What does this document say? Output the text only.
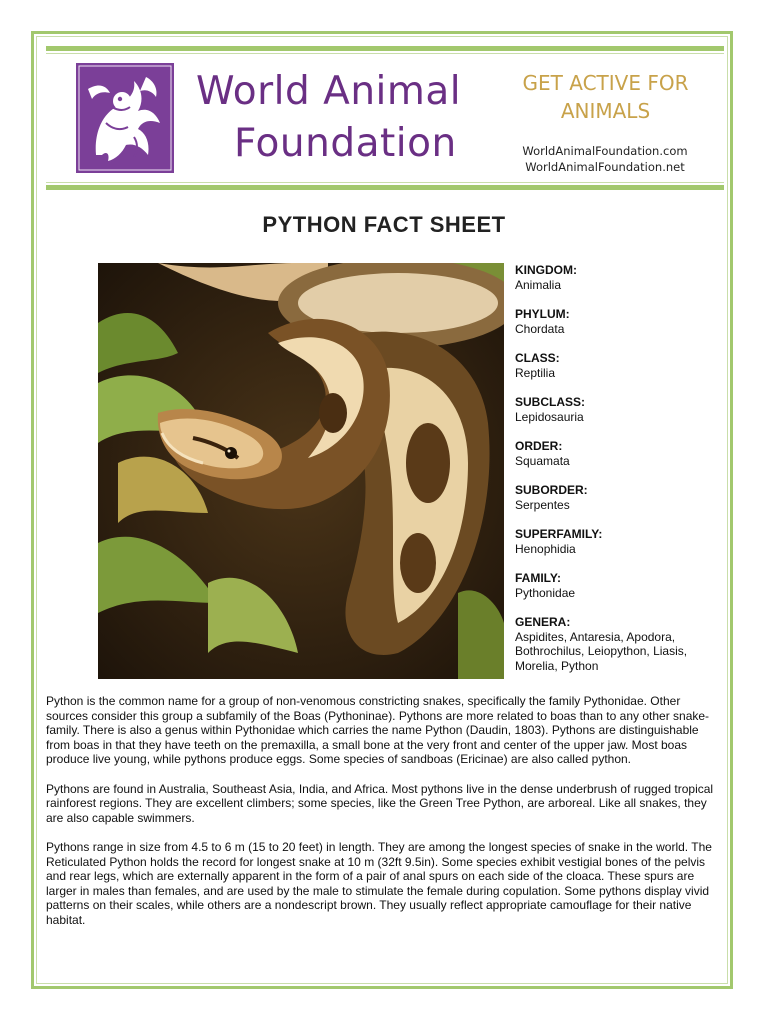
World Animal
Foundation
GET ACTIVE FOR
ANIMALS
WorldAnimalFoundation.com
WorldAnimalFoundation.net
PYTHON FACT SHEET
KINGDOM:
Animalia
PHYLUM:
Chordata
CLASS:
Reptilia
SUBCLASS:
Lepidosauria
ORDER:
Squamata
SUBORDER:
Serpentes
SUPERFAMILY:
Henophidia
FAMILY:
Pythonidae
GENERA:
Aspidites, Antaresia, Apodora, Bothrochilus, Leiopython, Liasis, Morelia, Python

Python is the common name for a group of non-venomous constricting snakes, specifically the family Pythonidae. Other sources consider this group a subfamily of the Boas (Pythoninae). Pythons are more related to boas than to any other snake-family. There is also a genus within Pythonidae which carries the name Python (Daudin, 1803). Pythons are distinguishable from boas in that they have teeth on the premaxilla, a small bone at the very front and center of the upper jaw. Most boas produce live young, while pythons produce eggs. Some species of sandboas (Ericinae) are also called python.

Pythons are found in Australia, Southeast Asia, India, and Africa. Most pythons live in the dense underbrush of rugged tropical rainforest regions. They are excellent climbers; some species, like the Green Tree Python, are arboreal. Like all snakes, they are also capable swimmers.

Pythons range in size from 4.5 to 6 m (15 to 20 feet) in length. They are among the longest species of snake in the world. The Reticulated Python holds the record for longest snake at 10 m (32ft 9.5in). Some species exhibit vestigial bones of the pelvis and rear legs, which are externally apparent in the form of a pair of anal spurs on each side of the cloaca. These spurs are larger in males than females, and are used by the male to stimulate the female during copulation. Some pythons display vivid patterns on their scales, while others are a nondescript brown. They usually reflect appropriate camouflage for their native habitat.
